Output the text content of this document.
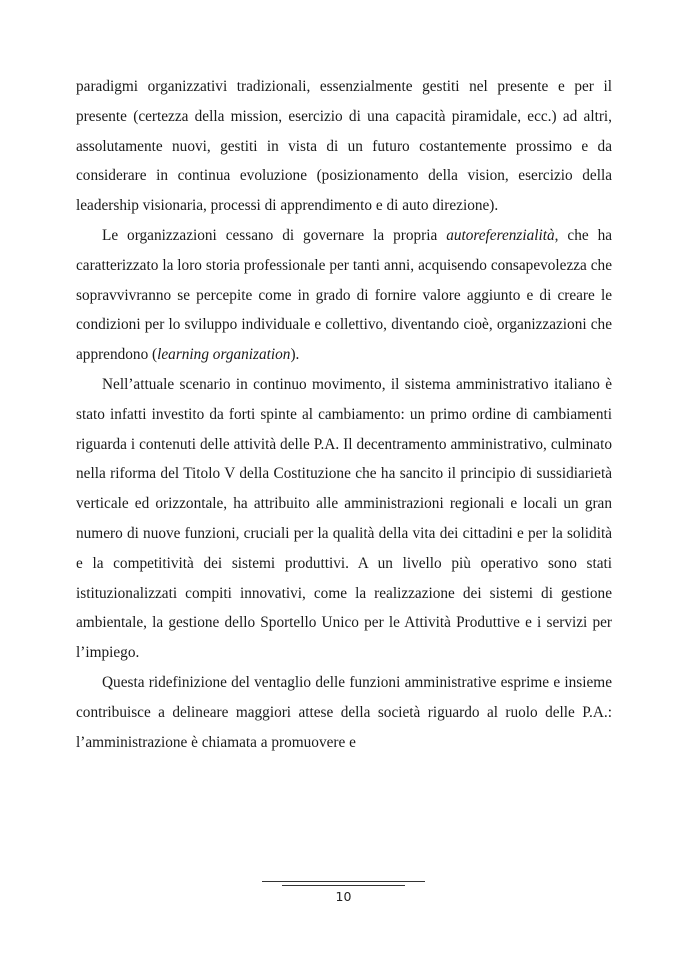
paradigmi organizzativi tradizionali, essenzialmente gestiti nel presente e per il presente (certezza della mission, esercizio di una capacità piramidale, ecc.) ad altri, assolutamente nuovi, gestiti in vista di un futuro costantemente prossimo e da considerare in continua evoluzione (posizionamento della vision, esercizio della leadership visionaria, processi di apprendimento e di auto direzione).

Le organizzazioni cessano di governare la propria autoreferenzialità, che ha caratterizzato la loro storia professionale per tanti anni, acquisendo consapevolezza che sopravvivranno se percepite come in grado di fornire valore aggiunto e di creare le condizioni per lo sviluppo individuale e collettivo, diventando cioè, organizzazioni che apprendono (learning organization).

Nell’attuale scenario in continuo movimento, il sistema amministrativo italiano è stato infatti investito da forti spinte al cambiamento: un primo ordine di cambiamenti riguarda i contenuti delle attività delle P.A. Il decentramento amministrativo, culminato nella riforma del Titolo V della Costituzione che ha sancito il principio di sussidiarietà verticale ed orizzontale, ha attribuito alle amministrazioni regionali e locali un gran numero di nuove funzioni, cruciali per la qualità della vita dei cittadini e per la solidità e la competitività dei sistemi produttivi. A un livello più operativo sono stati istituzionalizzati compiti innovativi, come la realizzazione dei sistemi di gestione ambientale, la gestione dello Sportello Unico per le Attività Produttive e i servizi per l’impiego.

Questa ridefinizione del ventaglio delle funzioni amministrative esprime e insieme contribuisce a delineare maggiori attese della società riguardo al ruolo delle P.A.: l’amministrazione è chiamata a promuovere e

10
